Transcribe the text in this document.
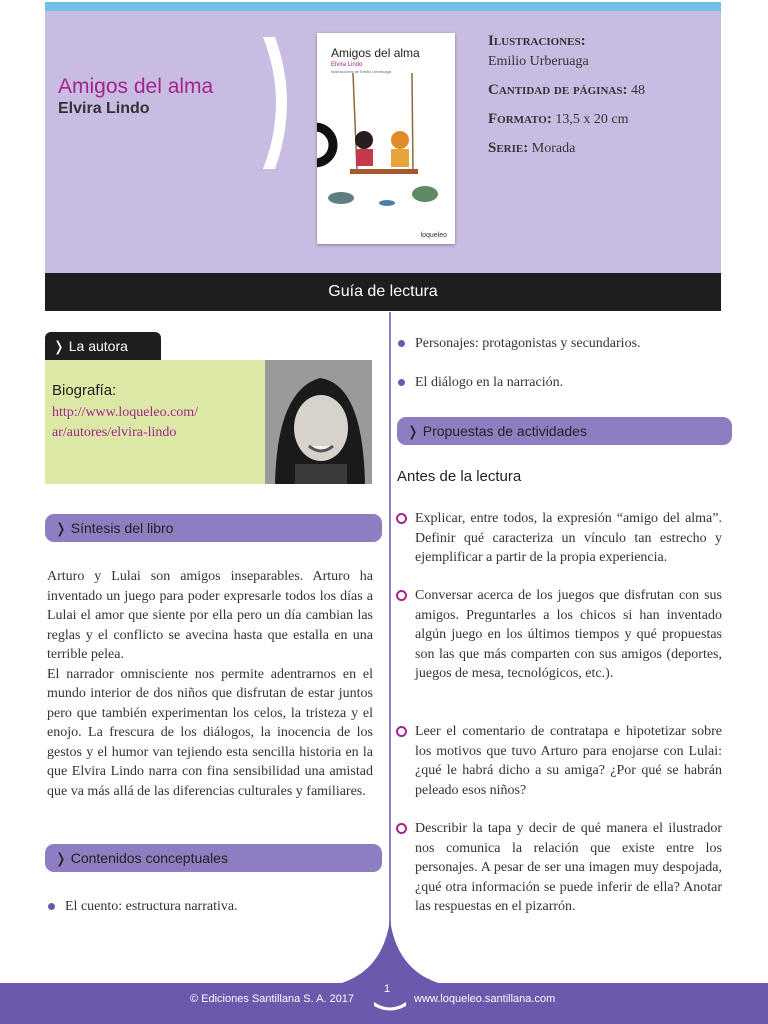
Amigos del alma
Elvira Lindo
Amigos del alma
Elvira Lindo
Ilustraciones de Emilio Urberuaga
loqueleo
Ilustraciones:
Emilio Urberuaga
Cantidad de páginas: 48
Formato: 13,5 x 20 cm
Serie: Morada
Guía de lectura
❭ La autora
Biografía:
http://www.loqueleo.com/
ar/autores/elvira-lindo
❭ Síntesis del libro
Arturo y Lulai son amigos inseparables. Arturo ha inventado un juego para poder expresarle todos los días a Lulai el amor que siente por ella pero un día cambian las reglas y el conflicto se avecina hasta que estalla en una terrible pelea.
El narrador omnisciente nos permite adentrarnos en el mundo interior de dos niños que disfrutan de estar juntos pero que también experimentan los celos, la tristeza y el enojo. La frescura de los diálogos, la inocencia de los gestos y el humor van tejiendo esta sencilla historia en la que Elvira Lindo narra con fina sensibilidad una amistad que va más allá de las diferencias culturales y familiares.
❭ Contenidos conceptuales
El cuento: estructura narrativa.
Personajes: protagonistas y secundarios.
El diálogo en la narración.
❭ Propuestas de actividades
Antes de la lectura
Explicar, entre todos, la expresión “amigo del alma”. Definir qué caracteriza un vínculo tan estrecho y ejemplificar a partir de la propia experiencia.
Conversar acerca de los juegos que disfrutan con sus amigos. Preguntarles a los chicos si han inventado algún juego en los últimos tiempos y qué propuestas son las que más comparten con sus amigos (deportes, juegos de mesa, tecnológicos, etc.).
Leer el comentario de contratapa e hipotetizar sobre los motivos que tuvo Arturo para enojarse con Lulai: ¿qué le habrá dicho a su amiga? ¿Por qué se habrán peleado esos niños?
Describir la tapa y decir de qué manera el ilustrador nos comunica la relación que existe entre los personajes. A pesar de ser una imagen muy despojada, ¿qué otra información se puede inferir de ella? Anotar las respuestas en el pizarrón.
© Ediciones Santillana S. A. 2017
1
www.loqueleo.santillana.com
